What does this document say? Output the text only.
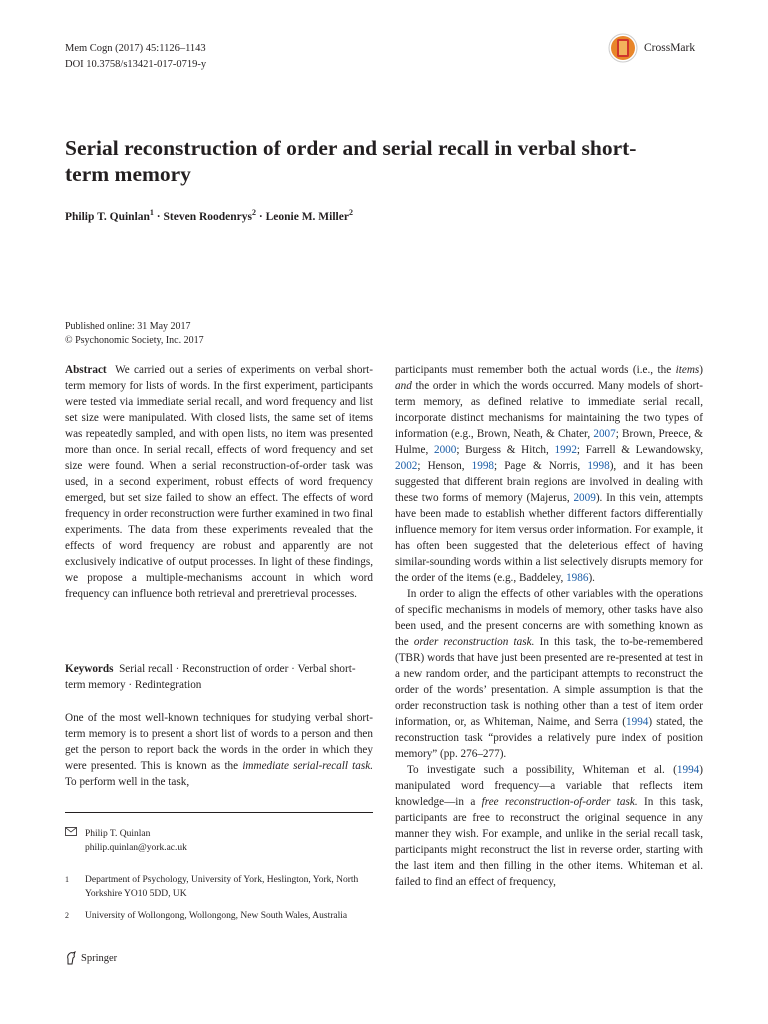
Mem Cogn (2017) 45:1126–1143
DOI 10.3758/s13421-017-0719-y
CrossMark
Serial reconstruction of order and serial recall in verbal short-term memory
Philip T. Quinlan$^1$ · Steven Roodenrys$^2$ · Leonie M. Miller$^2$
Published online: 31 May 2017
© Psychonomic Society, Inc. 2017

Abstract We carried out a series of experiments on verbal short-term memory for lists of words. In the first experiment, participants were tested via immediate serial recall, and word frequency and list set size were manipulated. With closed lists, the same set of items was repeatedly sampled, and with open lists, no item was presented more than once. In serial recall, effects of word frequency and set size were found. When a serial reconstruction-of-order task was used, in a second experiment, robust effects of word frequency emerged, but set size failed to show an effect. The effects of word frequency in order reconstruction were further examined in two final experiments. The data from these experiments revealed that the effects of word frequency are robust and apparently are not exclusively indicative of output processes. In light of these findings, we propose a multiple-mechanisms account in which word frequency can influence both retrieval and preretrieval processes.

Keywords Serial recall · Reconstruction of order · Verbal short-term memory · Redintegration

One of the most well-known techniques for studying verbal short-term memory is to present a short list of words to a person and then get the person to report back the words in the order in which they were presented. This is known as the immediate serial-recall task. To perform well in the task,

Philip T. Quinlan
philip.quinlan@york.ac.uk
1	Department of Psychology, University of York, Heslington, York, North Yorkshire YO10 5DD, UK
2	University of Wollongong, Wollongong, New South Wales, Australia
Springer

participants must remember both the actual words (i.e., the items) and the order in which the words occurred. Many models of short-term memory, as defined relative to immediate serial recall, incorporate distinct mechanisms for maintaining the two types of information (e.g., Brown, Neath, & Chater, 2007; Brown, Preece, & Hulme, 2000; Burgess & Hitch, 1992; Farrell & Lewandowsky, 2002; Henson, 1998; Page & Norris, 1998), and it has been suggested that different brain regions are involved in dealing with these two forms of memory (Majerus, 2009). In this vein, attempts have been made to establish whether different factors differentially influence memory for item versus order information. For example, it has often been suggested that the deleterious effect of having similar-sounding words within a list selectively disrupts memory for the order of the items (e.g., Baddeley, 1986).

In order to align the effects of other variables with the operations of specific mechanisms in models of memory, other tasks have also been used, and the present concerns are with something known as the order reconstruction task. In this task, the to-be-remembered (TBR) words that have just been presented are re-presented at test in a new random order, and the participant attempts to reconstruct the order of the words’ presentation. A simple assumption is that the order reconstruction task is nothing other than a test of item order information, or, as Whiteman, Naime, and Serra (1994) stated, the reconstruction task “provides a relatively pure index of position memory” (pp. 276–277).

To investigate such a possibility, Whiteman et al. (1994) manipulated word frequency—a variable that reflects item knowledge—in a free reconstruction-of-order task. In this task, participants are free to reconstruct the original sequence in any manner they wish. For example, and unlike in the serial recall task, participants might reconstruct the list in reverse order, starting with the last item and then filling in the other items. Whiteman et al. failed to find an effect of frequency,
